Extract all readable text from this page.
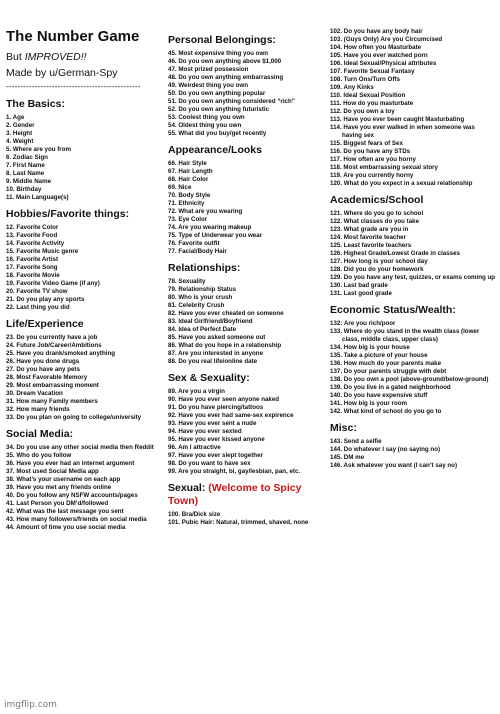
The Number Game
But IMPROVED!!
Made by u/German-Spy
-----------------------------------------------
The Basics:
1. Age
2. Gender
3. Height
4. Weight
5. Where are you from
6. Zodiac Sign
7. First Name
8. Last Name
9. Middle Name
10. Birthday
11. Main Language(s)
Hobbies/Favorite things:
12. Favorite Color
13. Favorite Food
14. Favorite Activity
15. Favorite Music genre
16. Favorite Artist
17. Favorite Song
18. Favorite Movie
19. Favorite Video Game (if any)
20. Favorite TV show
21. Do you play any sports
22. Last thing you did
Life/Experience
23. Do you currently have a job
24. Future Job/Career/Ambitions
25. Have you drank/smoked anything
26. Have you done drugs
27. Do you have any pets
28. Most Favorable Memory
29. Most embarrassing moment
30. Dream Vacation
31. How many Family members
32. How many friends
33. Do you plan on going to college/university
Social Media:
34. Do you use any other social media then Reddit
35. Who do you follow
36. Have you ever had an internet argument
37. Most used Social Media app
38. What’s your username on each app
39. Have you met any friends online
40. Do you follow any NSFW accounts/pages
41. Last Person you DM’d/followed
42. What was the last message you sent
43. How many followers/friends on social media
44. Amount of time you use social media
Personal Belongings:
45. Most expensive thing you own
46. Do you own anything above $1,000
47. Most prized possession
48. Do you own anything embarrassing
49. Weirdest thing you own
50. Do you own anything popular
51. Do you own anything considered “rich”
52. Do you own anything futuristic
53. Coolest thing you own
54. Oldest thing you own
55. What did you buy/get recently
Appearance/Looks
66. Hair Style
67. Hair Length
68. Hair Color
69. Nice
70. Body Style
71. Ethnicity
72. What are you wearing
73. Eye Color
74. Are you wearing makeup
75. Type of Underwear you wear
76. Favorite outfit
77. Facial/Body Hair
Relationships:
78. Sexuality
79. Relationship Status
80. Who is your crush
81. Celebrity Crush
82. Have you ever cheated on someone
83. Ideal Girlfriend/Boyfriend
84. Idea of Perfect Date
85. Have you asked someone out
86. What do you hope in a relationship
87. Are you interested in anyone
88. Do you real life/online date
Sex & Sexuality:
89. Are you a virgin
90. Have you ever seen anyone naked
91. Do you have piercing/tattoos
92. Have you ever had same-sex expirence
93. Have you ever sent a nude
94. Have you ever sexted
95. Have you ever kissed anyone
96. Am I attractive
97. Have you ever slept together
98. Do you want to have sex
99. Are you straight, bi, gay/lesbian, pan, etc.
Sexual: (Welcome to Spicy Town)
100. Bra/Dick size
101. Pubic Hair: Natural, trimmed, shaved, none
102. Do you have any body hair
103. (Guys Only) Are you Circumcised
104. How often you Masturbate
105. Have you ever watched porn
106. Ideal Sexual/Physical attributes
107. Favorite Sexual Fantasy
108. Turn Ons/Turn Offs
109. Any Kinks
110. Ideal Sexual Position
111. How do you masturbate
112. Do you own a toy
113. Have you ever been caught Masturbating
114. Have you ever walked in when someone was having sex
115. Biggest fears of Sex
116. Do you have any STDs
117. How often are you horny
118. Most embarrassing sexual story
119. Are you currently horny
120. What do you expect in a sexual relationship
Academics/School
121. Where do you go to school
122. What classes do you take
123. What grade are you in
124. Most favorite teacher
125. Least favorite teachers
126. Highest Grade/Lowest Grade in classes
127. How long is your school day
128. Did you do your homework
129. Do you have any test, quizzes, or exams coming up
130. Last bad grade
131. Last good grade
Economic Status/Wealth:
132: Are you rich/poor
133. Where do you stand in the wealth class (lower class, middle class, upper class)
134. How big is your house
135. Take a picture of your house
136. How much do your parents make
137. Do your parents struggle with debt
138. Do you own a pool (above-ground/below-ground)
139. Do you live in a gated neighborhood
140. Do you have expensive stuff
141. How big is your room
142. What kind of school do you go to
Misc:
143. Send a selfie
144. Do whatever I say (no saying no)
145. DM me
146. Ask whatever you want (I can’t say no)
imgflip.com
